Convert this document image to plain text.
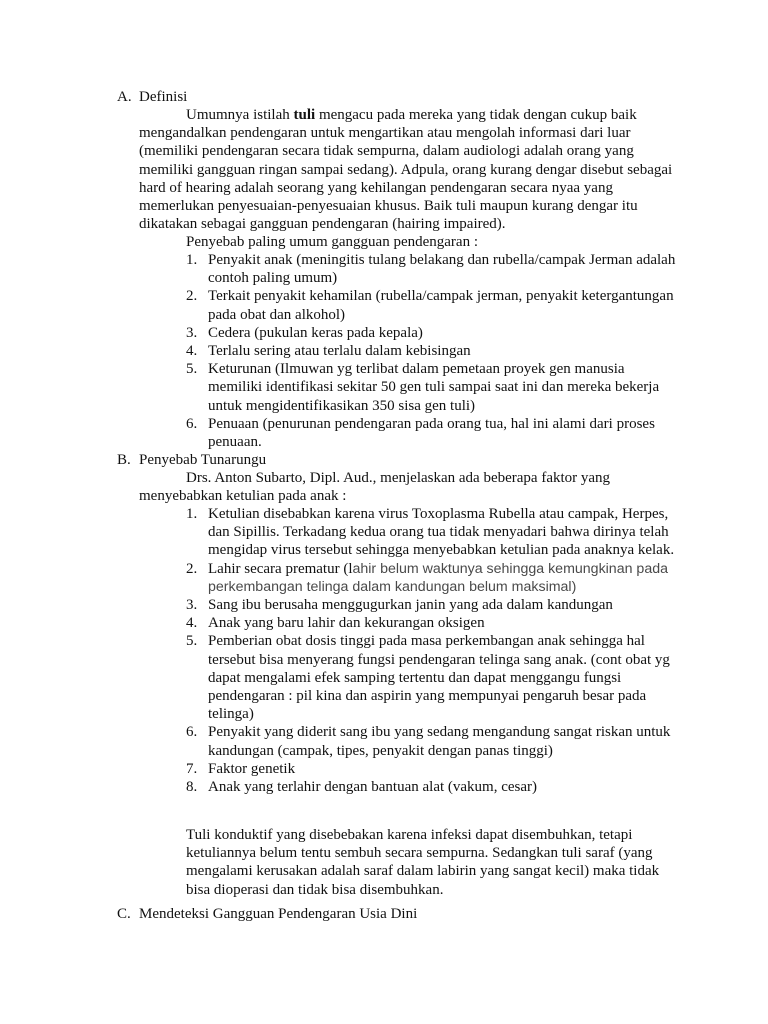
A. Definisi
Umumnya istilah tuli mengacu pada mereka yang tidak dengan cukup baik mengandalkan pendengaran untuk mengartikan atau mengolah informasi dari luar (memiliki pendengaran secara tidak sempurna, dalam audiologi adalah orang yang memiliki gangguan ringan sampai sedang). Adpula, orang kurang dengar disebut sebagai hard of hearing adalah seorang yang kehilangan pendengaran secara nyaa yang memerlukan penyesuaian-penyesuaian khusus. Baik tuli maupun kurang dengar itu dikatakan sebagai gangguan pendengaran (hairing impaired).
Penyebab paling umum gangguan pendengaran :
1. Penyakit anak (meningitis tulang belakang dan rubella/campak Jerman adalah contoh paling umum)
2. Terkait penyakit kehamilan (rubella/campak jerman, penyakit ketergantungan pada obat dan alkohol)
3. Cedera (pukulan keras pada kepala)
4. Terlalu sering atau terlalu dalam kebisingan
5. Keturunan (Ilmuwan yg terlibat dalam pemetaan proyek gen manusia memiliki identifikasi sekitar 50 gen tuli sampai saat ini dan mereka bekerja untuk mengidentifikasikan 350 sisa gen tuli)
6. Penuaan (penurunan pendengaran pada orang tua, hal ini alami dari proses penuaan.
B. Penyebab Tunarungu
Drs. Anton Subarto, Dipl. Aud., menjelaskan ada beberapa faktor yang menyebabkan ketulian pada anak :
1. Ketulian disebabkan karena virus Toxoplasma Rubella atau campak, Herpes, dan Sipillis. Terkadang kedua orang tua tidak menyadari bahwa dirinya telah mengidap virus tersebut sehingga menyebabkan ketulian pada anaknya kelak.
2. Lahir secara prematur (lahir belum waktunya sehingga kemungkinan pada perkembangan telinga dalam kandungan belum maksimal)
3. Sang ibu berusaha menggugurkan janin yang ada dalam kandungan
4. Anak yang baru lahir dan kekurangan oksigen
5. Pemberian obat dosis tinggi pada masa perkembangan anak sehingga hal tersebut bisa menyerang fungsi pendengaran telinga sang anak. (cont obat yg dapat mengalami efek samping tertentu dan dapat menggangu fungsi pendengaran : pil kina dan aspirin yang mempunyai pengaruh besar pada telinga)
6. Penyakit yang diderit sang ibu yang sedang mengandung sangat riskan untuk kandungan (campak, tipes, penyakit dengan panas tinggi)
7. Faktor genetik
8. Anak yang terlahir dengan bantuan alat (vakum, cesar)
Tuli konduktif yang disebebakan karena infeksi dapat disembuhkan, tetapi ketuliannya belum tentu sembuh secara sempurna. Sedangkan tuli saraf (yang mengalami kerusakan adalah saraf dalam labirin yang sangat kecil) maka tidak bisa dioperasi dan tidak bisa disembuhkan.
C. Mendeteksi Gangguan Pendengaran Usia Dini
